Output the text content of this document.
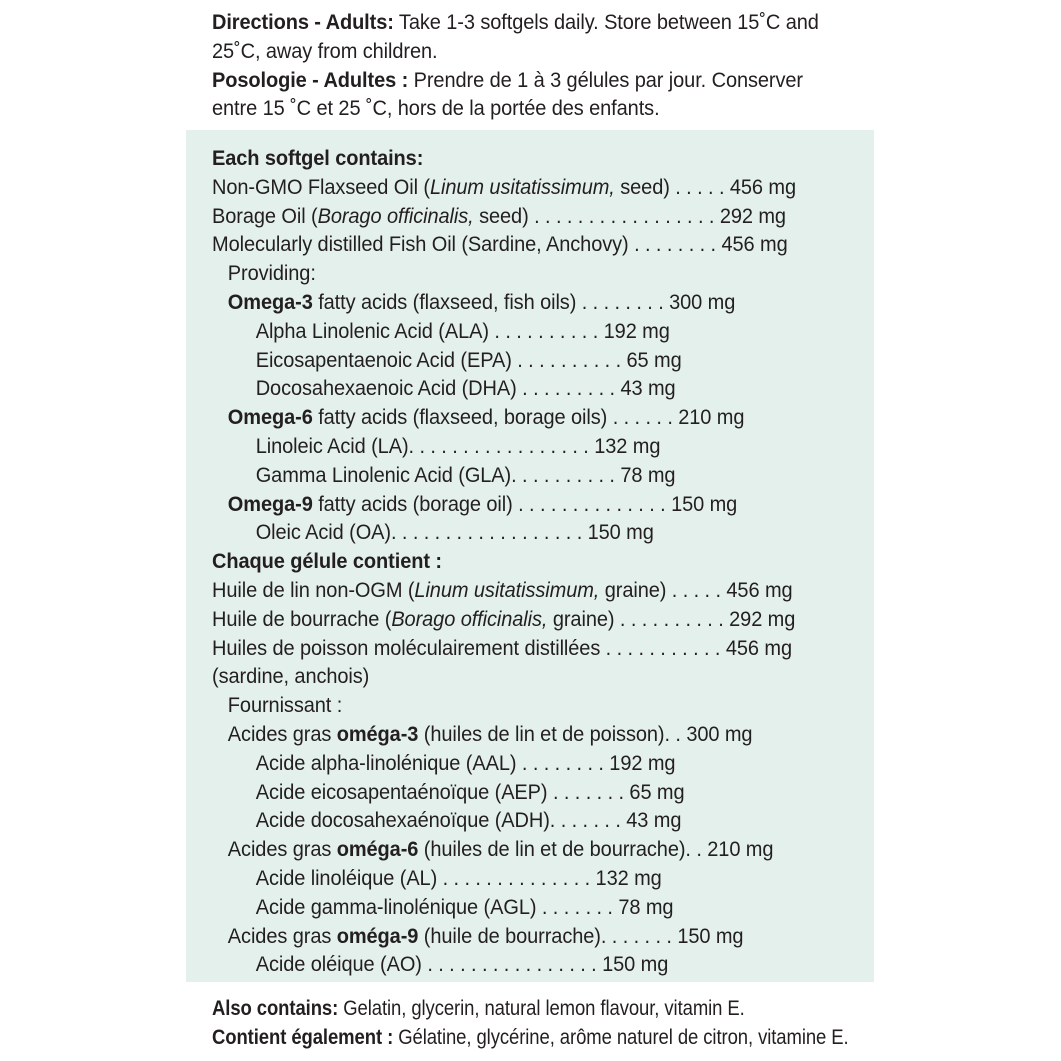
Directions - Adults: Take 1-3 softgels daily. Store between 15˚C and
25˚C, away from children.
Posologie - Adultes : Prendre de 1 à 3 gélules par jour. Conserver
entre 15 ˚C et 25 ˚C, hors de la portée des enfants.
Each softgel contains:
Non-GMO Flaxseed Oil (Linum usitatissimum, seed) . . . . . 456 mg
Borage Oil (Borago officinalis, seed) . . . . . . . . . . . . . . . . . 292 mg
Molecularly distilled Fish Oil (Sardine, Anchovy) . . . . . . . . 456 mg
Providing:
Omega-3 fatty acids (flaxseed, fish oils) . . . . . . . . 300 mg
Alpha Linolenic Acid (ALA) . . . . . . . . . . 192 mg
Eicosapentaenoic Acid (EPA) . . . . . . . . . . 65 mg
Docosahexaenoic Acid (DHA) . . . . . . . . . 43 mg
Omega-6 fatty acids (flaxseed, borage oils) . . . . . . 210 mg
Linoleic Acid (LA). . . . . . . . . . . . . . . . . 132 mg
Gamma Linolenic Acid (GLA). . . . . . . . . . 78 mg
Omega-9 fatty acids (borage oil) . . . . . . . . . . . . . . 150 mg
Oleic Acid (OA). . . . . . . . . . . . . . . . . . 150 mg
Chaque gélule contient :
Huile de lin non-OGM (Linum usitatissimum, graine) . . . . . 456 mg
Huile de bourrache (Borago officinalis, graine) . . . . . . . . . . 292 mg
Huiles de poisson moléculairement distillées . . . . . . . . . . . 456 mg
(sardine, anchois)
Fournissant :
Acides gras oméga-3 (huiles de lin et de poisson). . 300 mg
Acide alpha-linolénique (AAL) . . . . . . . . 192 mg
Acide eicosapentaénoïque (AEP) . . . . . . . 65 mg
Acide docosahexaénoïque (ADH). . . . . . . 43 mg
Acides gras oméga-6 (huiles de lin et de bourrache). . 210 mg
Acide linoléique (AL) . . . . . . . . . . . . . . 132 mg
Acide gamma-linolénique (AGL) . . . . . . . 78 mg
Acides gras oméga-9 (huile de bourrache). . . . . . . 150 mg
Acide oléique (AO) . . . . . . . . . . . . . . . . 150 mg
Also contains: Gelatin, glycerin, natural lemon flavour, vitamin E.
Contient également : Gélatine, glycérine, arôme naturel de citron, vitamine E.
